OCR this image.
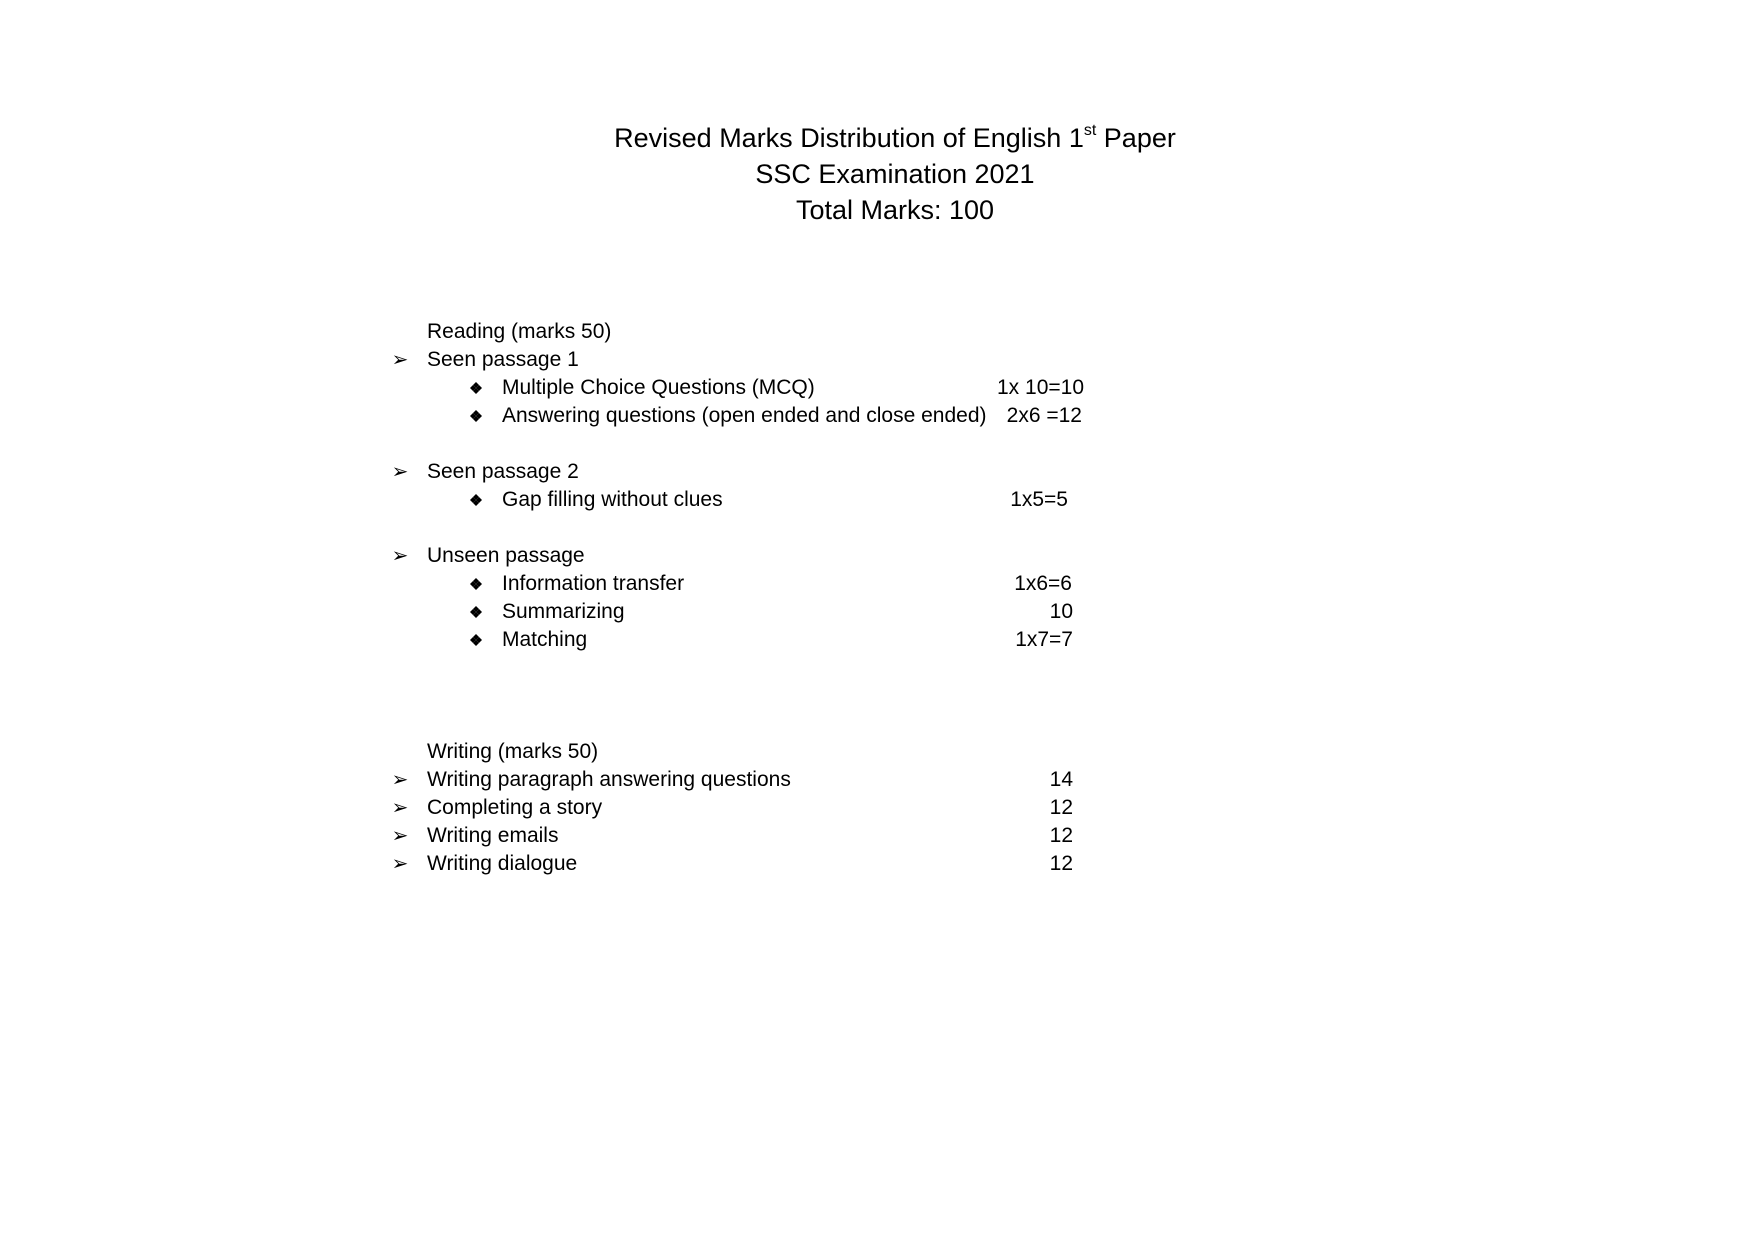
Revised Marks Distribution of English 1st Paper
SSC Examination 2021
Total Marks: 100
Reading (marks 50)
➢ Seen passage 1
Multiple Choice Questions (MCQ)	1x 10=10
Answering questions (open ended and close ended) 2x6 =12
➢ Seen passage 2
Gap filling without clues	1x5=5
➢ Unseen passage
Information transfer	1x6=6
Summarizing	10
Matching	1x7=7
Writing (marks 50)
➢ Writing paragraph answering questions	14
➢ Completing a story	12
➢ Writing emails	12
➢ Writing dialogue	12
